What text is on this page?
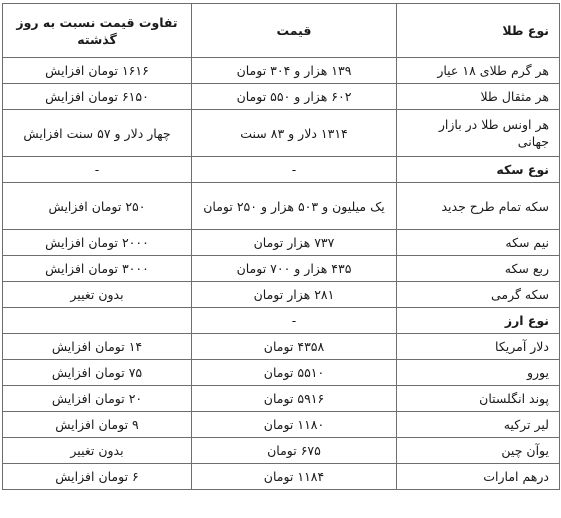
نوع طلا	قیمت	تفاوت قیمت نسبت به روز گذشته
هر گرم طلای ۱۸ عیار	۱۳۹ هزار و ۳۰۴ تومان	۱۶۱۶ تومان افزایش
هر مثقال طلا	۶۰۲ هزار و ۵۵۰ تومان	۶۱۵۰ تومان افزایش
هر اونس طلا در بازار جهانی	۱۳۱۴ دلار و ۸۳ سنت	چهار دلار و ۵۷ سنت افزایش
نوع سکه	-	-
سکه تمام طرح جدید	یک میلیون و ۵۰۳ هزار و ۲۵۰ تومان	۲۵۰ تومان افزایش
نیم سکه	۷۳۷ هزار تومان	۲۰۰۰ تومان افزایش
ربع سکه	۴۳۵ هزار و ۷۰۰ تومان	۳۰۰۰ تومان افزایش
سکه گرمی	۲۸۱ هزار تومان	بدون تغییر
نوع ارز	-	
دلار آمریکا	۴۳۵۸ تومان	۱۴ تومان افزایش
یورو	۵۵۱۰ تومان	۷۵ تومان افزایش
پوند انگلستان	۵۹۱۶ تومان	۲۰ تومان افزایش
لیر ترکیه	۱۱۸۰ تومان	۹ تومان افزایش
یوآن چین	۶۷۵ تومان	بدون تغییر
درهم امارات	۱۱۸۴ تومان	۶ تومان افزایش
